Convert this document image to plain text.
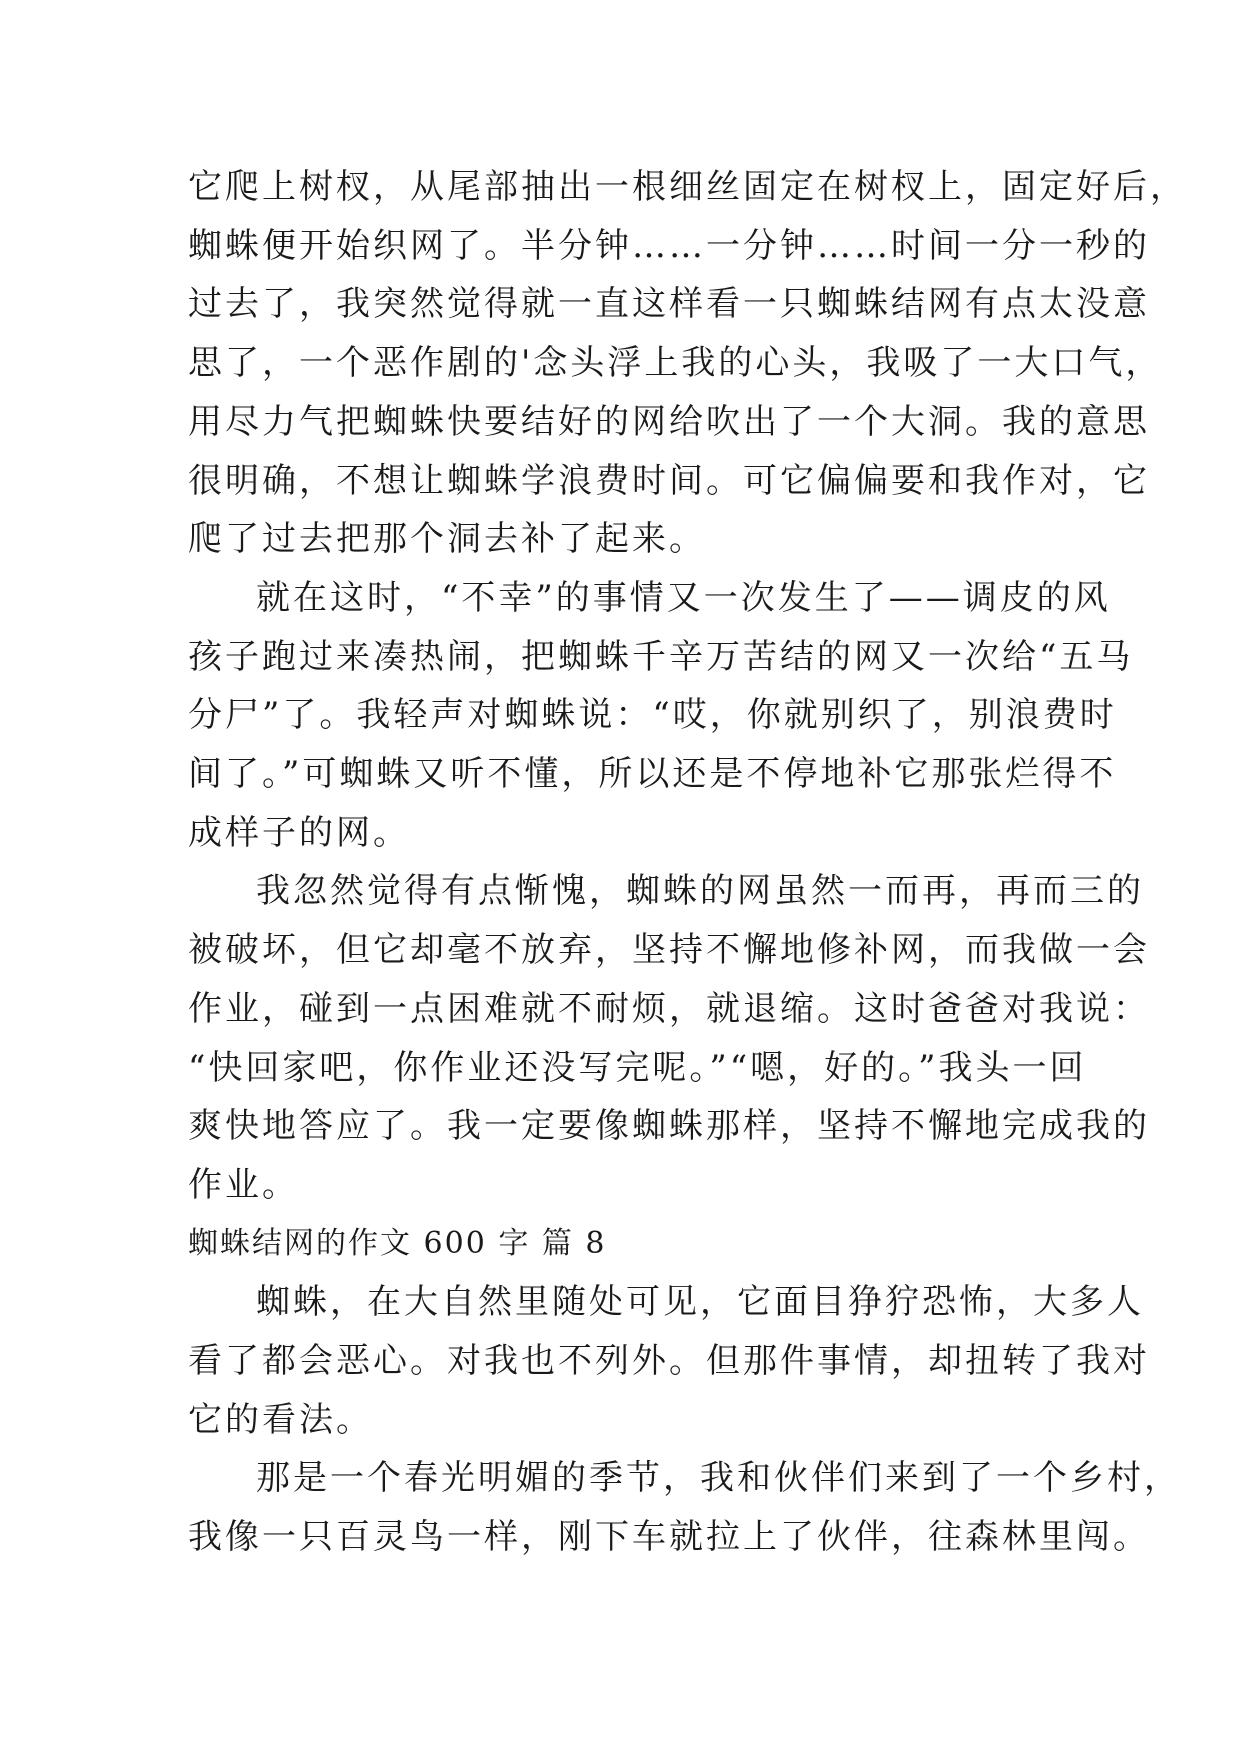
它爬上树杈，从尾部抽出一根细丝固定在树杈上，固定好后，
蜘蛛便开始织网了。半分钟……一分钟……时间一分一秒的
过去了，我突然觉得就一直这样看一只蜘蛛结网有点太没意
思了，一个恶作剧的'念头浮上我的心头，我吸了一大口气，
用尽力气把蜘蛛快要结好的网给吹出了一个大洞。我的意思
很明确，不想让蜘蛛学浪费时间。可它偏偏要和我作对，它
爬了过去把那个洞去补了起来。
就在这时，“不幸”的事情又一次发生了——调皮的风
孩子跑过来凑热闹，把蜘蛛千辛万苦结的网又一次给“五马
分尸”了。我轻声对蜘蛛说：“哎，你就别织了，别浪费时
间了。”可蜘蛛又听不懂，所以还是不停地补它那张烂得不
成样子的网。
我忽然觉得有点惭愧，蜘蛛的网虽然一而再，再而三的
被破坏，但它却毫不放弃，坚持不懈地修补网，而我做一会
作业，碰到一点困难就不耐烦，就退缩。这时爸爸对我说：
“快回家吧，你作业还没写完呢。”“嗯，好的。”我头一回
爽快地答应了。我一定要像蜘蛛那样，坚持不懈地完成我的
作业。
蜘蛛结网的作文 600 字 篇 8
蜘蛛，在大自然里随处可见，它面目狰狞恐怖，大多人
看了都会恶心。对我也不列外。但那件事情，却扭转了我对
它的看法。
那是一个春光明媚的季节，我和伙伴们来到了一个乡村，
我像一只百灵鸟一样，刚下车就拉上了伙伴，往森林里闯。
